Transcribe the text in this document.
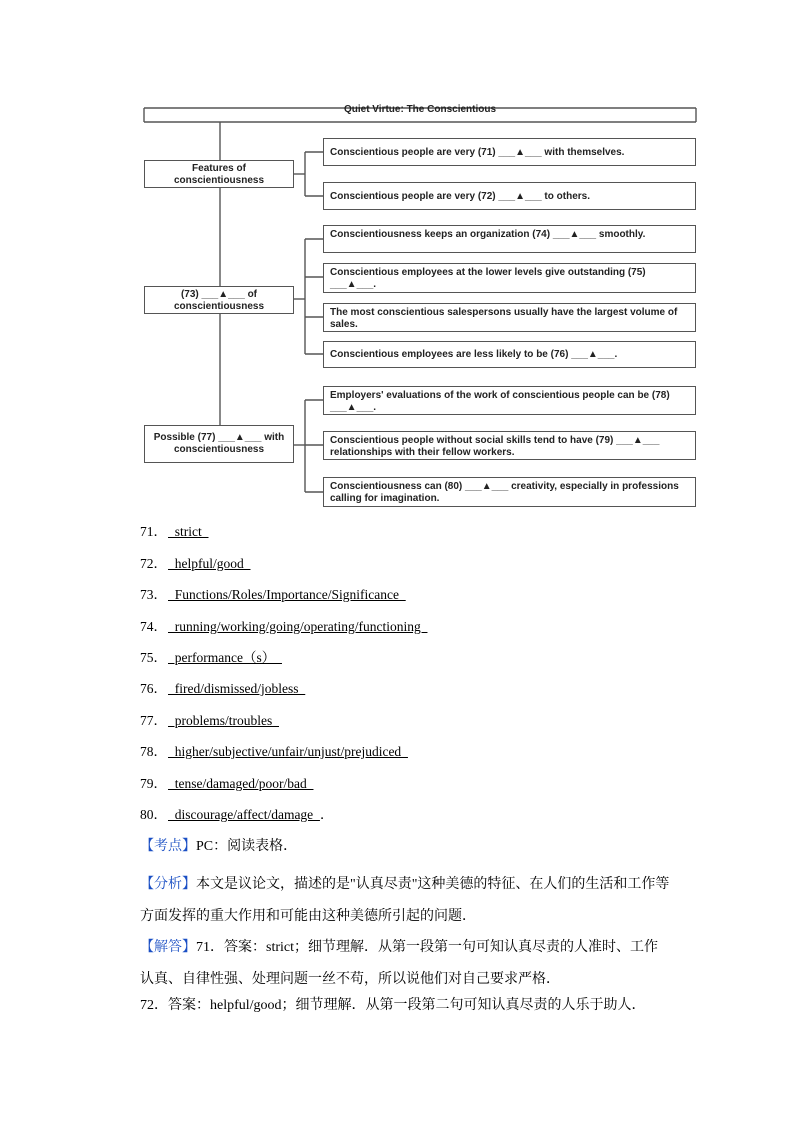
Quiet Virtue: The Conscientious
Features of conscientiousness
Conscientious people are very (71) ___▲___ with themselves.
Conscientious people are very (72) ___▲___ to others.
(73) ___▲___ of
conscientiousness
Conscientiousness keeps an organization (74) ___▲___ smoothly.
Conscientious employees at the lower levels give outstanding (75) ___▲___.
The most conscientious salespersons usually have the largest volume of sales.
Conscientious employees are less likely to be (76) ___▲___.
Possible (77) ___▲___ with
conscientiousness
Employers' evaluations of the work of conscientious people can be (78) ___▲___.
Conscientious people without social skills tend to have (79) ___▲___ relationships with their fellow workers.
Conscientiousness can (80) ___▲___ creativity, especially in professions calling for imagination.
71．  strict
72．  helpful/good
73．  Functions/Roles/Importance/Significance
74．  running/working/going/operating/functioning
75．  performance（s）
76．  fired/dismissed/jobless
77．  problems/troubles
78．  higher/subjective/unfair/unjust/prejudiced
79．  tense/damaged/poor/bad
80．  discourage/affect/damage  ．
【考点】PC：阅读表格．
【分析】本文是议论文，描述的是"认真尽责"这种美德的特征、在人们的生活和工作等方面发挥的重大作用和可能由这种美德所引起的问题．
【解答】71．答案：strict；细节理解．从第一段第一句可知认真尽责的人准时、工作认真、自律性强、处理问题一丝不苟，所以说他们对自己要求严格．
72．答案：helpful/good；细节理解．从第一段第二句可知认真尽责的人乐于助人．
